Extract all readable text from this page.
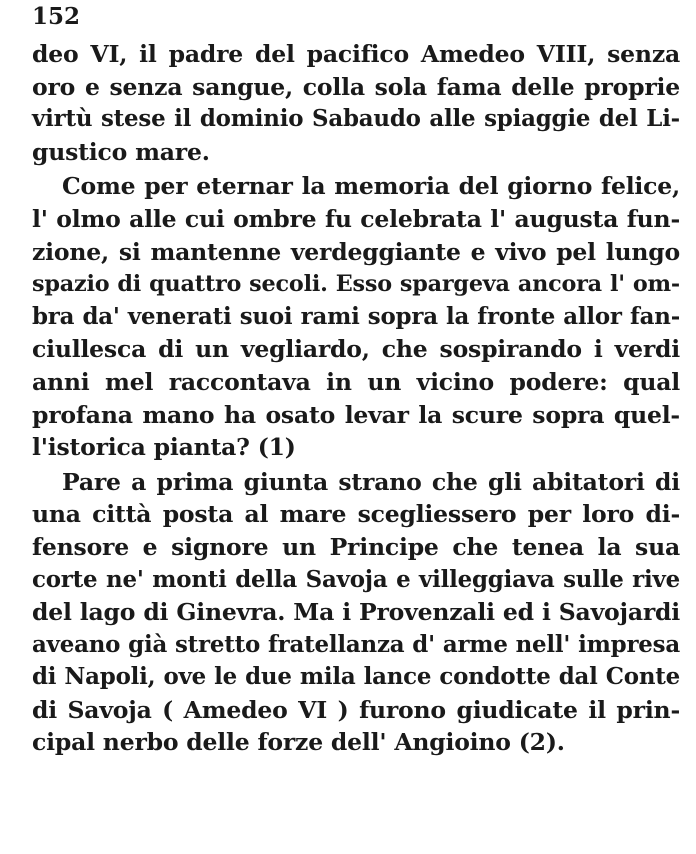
152
deo VI, il padre del pacifico Amedeo VIII, senza
oro e senza sangue, colla sola fama delle proprie
virtù stese il dominio Sabaudo alle spiaggie del Li-
gustico mare.
Come per eternar la memoria del giorno felice,
l' olmo alle cui ombre fu celebrata l' augusta fun-
zione, si mantenne verdeggiante e vivo pel lungo
spazio di quattro secoli. Esso spargeva ancora l' om-
bra da' venerati suoi rami sopra la fronte allor fan-
ciullesca di un vegliardo, che sospirando i verdi
anni mel raccontava in un vicino podere: qual
profana mano ha osato levar la scure sopra quel-
l'istorica pianta? (1)
Pare a prima giunta strano che gli abitatori di
una città posta al mare scegliessero per loro di-
fensore e signore un Principe che tenea la sua
corte ne' monti della Savoja e villeggiava sulle rive
del lago di Ginevra. Ma i Provenzali ed i Savojardi
aveano già stretto fratellanza d' arme nell' impresa
di Napoli, ove le due mila lance condotte dal Conte
di Savoja ( Amedeo VI ) furono giudicate il prin-
cipal nerbo delle forze dell' Angioino (2).
